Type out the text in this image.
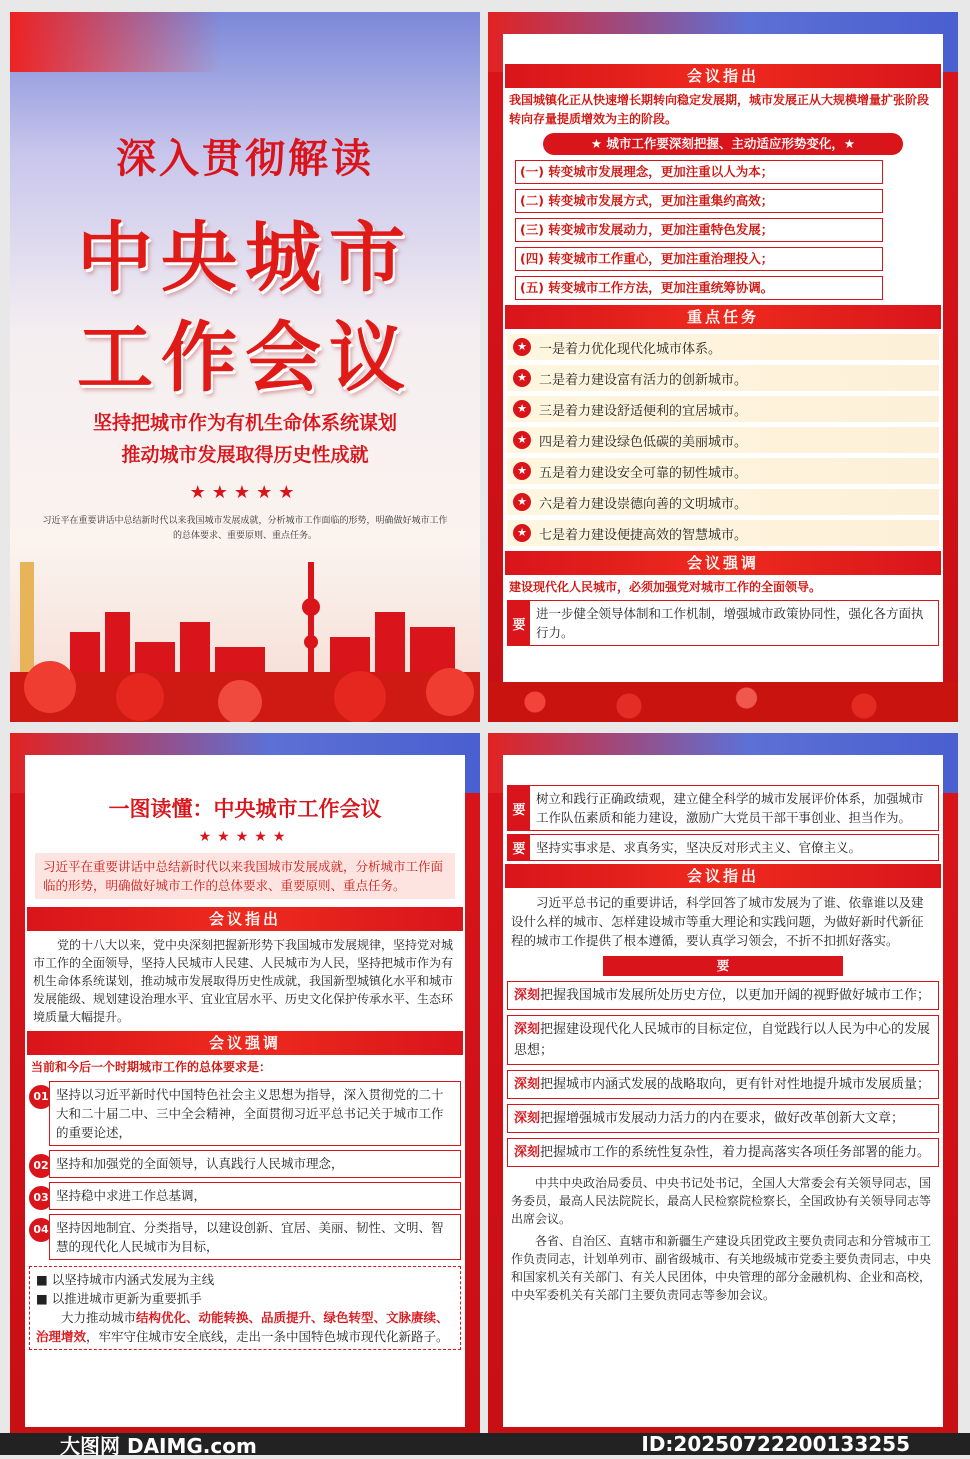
深入贯彻解读
中央城市
工作会议
坚持把城市作为有机生命体系统谋划
推动城市发展取得历史性成就
★★★★★
习近平在重要讲话中总结新时代以来我国城市发展成就，分析城市工作面临的形势，明确做好城市工作的总体要求、重要原则、重点任务。
会议指出
我国城镇化正从快速增长期转向稳定发展期，城市发展正从大规模增量扩张阶段转向存量提质增效为主的阶段。
★ 城市工作要深刻把握、主动适应形势变化，★
(一) 转变城市发展理念，更加注重以人为本；
(二) 转变城市发展方式，更加注重集约高效；
(三) 转变城市发展动力，更加注重特色发展；
(四) 转变城市工作重心，更加注重治理投入；
(五) 转变城市工作方法，更加注重统筹协调。
重点任务
★ 一是着力优化现代化城市体系。
★ 二是着力建设富有活力的创新城市。
★ 三是着力建设舒适便利的宜居城市。
★ 四是着力建设绿色低碳的美丽城市。
★ 五是着力建设安全可靠的韧性城市。
★ 六是着力建设崇德向善的文明城市。
★ 七是着力建设便捷高效的智慧城市。
会议强调
建设现代化人民城市，必须加强党对城市工作的全面领导。
要
进一步健全领导体制和工作机制，增强城市政策协同性，强化各方面执行力。
一图读懂：中央城市工作会议
★★★★★
习近平在重要讲话中总结新时代以来我国城市发展成就，分析城市工作面临的形势，明确做好城市工作的总体要求、重要原则、重点任务。
会议指出
党的十八大以来，党中央深刻把握新形势下我国城市发展规律，坚持党对城市工作的全面领导，坚持人民城市人民建、人民城市为人民，坚持把城市作为有机生命体系统谋划，推动城市发展取得历史性成就，我国新型城镇化水平和城市发展能级、规划建设治理水平、宜业宜居水平、历史文化保护传承水平、生态环境质量大幅提升。
会议强调
当前和今后一个时期城市工作的总体要求是：
01 坚持以习近平新时代中国特色社会主义思想为指导，深入贯彻党的二十大和二十届二中、三中全会精神，全面贯彻习近平总书记关于城市工作的重要论述，
02 坚持和加强党的全面领导，认真践行人民城市理念，
03 坚持稳中求进工作总基调，
04 坚持因地制宜、分类指导，以建设创新、宜居、美丽、韧性、文明、智慧的现代化人民城市为目标，
■ 以坚持城市内涵式发展为主线
■ 以推进城市更新为重要抓手
大力推动城市结构优化、动能转换、品质提升、绿色转型、文脉赓续、治理增效，牢牢守住城市安全底线，走出一条中国特色城市现代化新路子。
要
树立和践行正确政绩观，建立健全科学的城市发展评价体系，加强城市工作队伍素质和能力建设，激励广大党员干部干事创业、担当作为。
要 坚持实事求是、求真务实，坚决反对形式主义、官僚主义。
会议指出
习近平总书记的重要讲话，科学回答了城市发展为了谁、依靠谁以及建设什么样的城市、怎样建设城市等重大理论和实践问题，为做好新时代新征程的城市工作提供了根本遵循，要认真学习领会，不折不扣抓好落实。
要
深刻把握我国城市发展所处历史方位，以更加开阔的视野做好城市工作；
深刻把握建设现代化人民城市的目标定位，自觉践行以人民为中心的发展思想；
深刻把握城市内涵式发展的战略取向，更有针对性地提升城市发展质量；
深刻把握增强城市发展动力活力的内在要求，做好改革创新大文章；
深刻把握城市工作的系统性复杂性，着力提高落实各项任务部署的能力。
中共中央政治局委员、中央书记处书记，全国人大常委会有关领导同志，国务委员，最高人民法院院长，最高人民检察院检察长，全国政协有关领导同志等出席会议。
各省、自治区、直辖市和新疆生产建设兵团党政主要负责同志和分管城市工作负责同志，计划单列市、副省级城市、有关地级城市党委主要负责同志，中央和国家机关有关部门、有关人民团体，中央管理的部分金融机构、企业和高校，中央军委机关有关部门主要负责同志等参加会议。
大图网 DAIMG.com	ID:20250722200133255
